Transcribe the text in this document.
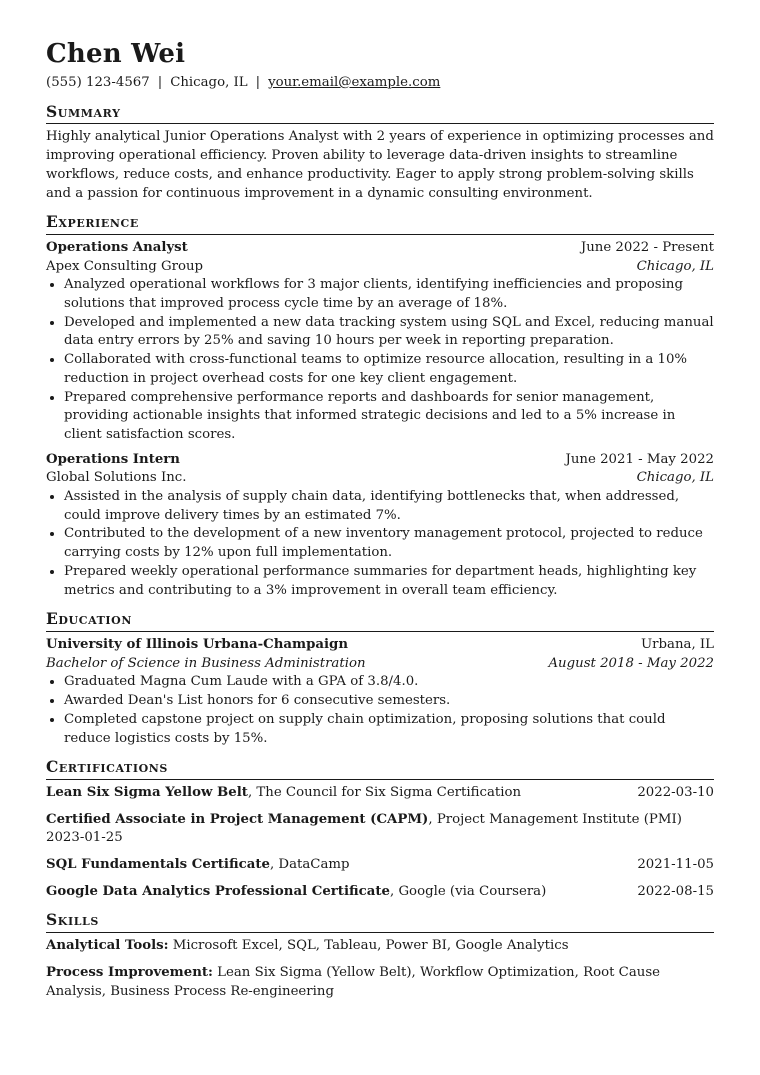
Chen Wei
(555) 123-4567 | Chicago, IL | your.email@example.com
Summary

Highly analytical Junior Operations Analyst with 2 years of experience in optimizing processes and improving operational efficiency. Proven ability to leverage data-driven insights to streamline workflows, reduce costs, and enhance productivity. Eager to apply strong problem-solving skills and a passion for continuous improvement in a dynamic consulting environment.

Experience
Operations Analyst	June 2022 - Present
Apex Consulting Group	Chicago, IL
• Analyzed operational workflows for 3 major clients, identifying inefficiencies and proposing solutions that improved process cycle time by an average of 18%.
• Developed and implemented a new data tracking system using SQL and Excel, reducing manual data entry errors by 25% and saving 10 hours per week in reporting preparation.
• Collaborated with cross-functional teams to optimize resource allocation, resulting in a 10% reduction in project overhead costs for one key client engagement.
• Prepared comprehensive performance reports and dashboards for senior management, providing actionable insights that informed strategic decisions and led to a 5% increase in client satisfaction scores.
Operations Intern	June 2021 - May 2022
Global Solutions Inc.	Chicago, IL
• Assisted in the analysis of supply chain data, identifying bottlenecks that, when addressed, could improve delivery times by an estimated 7%.
• Contributed to the development of a new inventory management protocol, projected to reduce carrying costs by 12% upon full implementation.
• Prepared weekly operational performance summaries for department heads, highlighting key metrics and contributing to a 3% improvement in overall team efficiency.
Education
University of Illinois Urbana-Champaign	Urbana, IL
Bachelor of Science in Business Administration	August 2018 - May 2022
• Graduated Magna Cum Laude with a GPA of 3.8/4.0.
• Awarded Dean's List honors for 6 consecutive semesters.
• Completed capstone project on supply chain optimization, proposing solutions that could reduce logistics costs by 15%.
Certifications
Lean Six Sigma Yellow Belt, The Council for Six Sigma Certification	2022-03-10
Certified Associate in Project Management (CAPM), Project Management Institute (PMI)
2023-01-25
SQL Fundamentals Certificate, DataCamp	2021-11-05
Google Data Analytics Professional Certificate, Google (via Coursera)	2022-08-15
Skills
Analytical Tools: Microsoft Excel, SQL, Tableau, Power BI, Google Analytics
Process Improvement: Lean Six Sigma (Yellow Belt), Workflow Optimization, Root Cause Analysis, Business Process Re-engineering
